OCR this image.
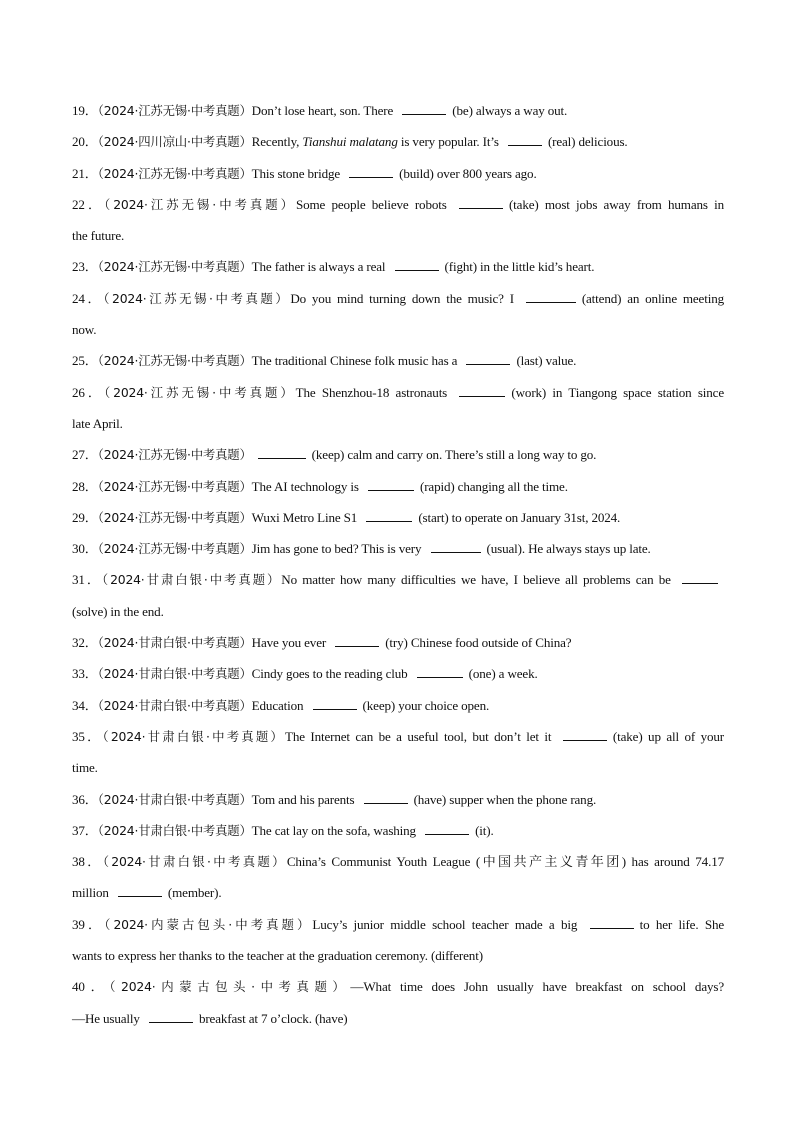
19．（2024·江苏无锡·中考真题）Don’t lose heart, son. There	(be) always a way out.
20．（2024·四川凉山·中考真题）Recently, Tianshui malatang is very popular. It’s	(real) delicious.
21．（2024·江苏无锡·中考真题）This stone bridge	(build) over 800 years ago.
22．（2024·江苏无锡·中考真题）Some people believe robots	(take) most jobs away from humans in
the future.
23．（2024·江苏无锡·中考真题）The father is always a real	(fight) in the little kid’s heart.
24．（2024·江苏无锡·中考真题）Do you mind turning down the music? I	(attend) an online meeting
now.
25．（2024·江苏无锡·中考真题）The traditional Chinese folk music has a	(last) value.
26．（2024·江苏无锡·中考真题）The Shenzhou-18 astronauts	(work) in Tiangong space station since
late April.
27．（2024·江苏无锡·中考真题）	(keep) calm and carry on. There’s still a long way to go.
28．（2024·江苏无锡·中考真题）The AI technology is	(rapid) changing all the time.
29．（2024·江苏无锡·中考真题）Wuxi Metro Line S1	(start) to operate on January 31st, 2024.
30．（2024·江苏无锡·中考真题）Jim has gone to bed? This is very	(usual). He always stays up late.
31．（2024·甘肃白银·中考真题）No matter how many difficulties we have, I believe all problems can be
(solve) in the end.
32．（2024·甘肃白银·中考真题）Have you ever	(try) Chinese food outside of China?
33．（2024·甘肃白银·中考真题）Cindy goes to the reading club	(one) a week.
34．（2024·甘肃白银·中考真题）Education	(keep) your choice open.
35．（2024·甘肃白银·中考真题）The Internet can be a useful tool, but don’t let it	(take) up all of your
time.
36．（2024·甘肃白银·中考真题）Tom and his parents	(have) supper when the phone rang.
37．（2024·甘肃白银·中考真题）The cat lay on the sofa, washing	(it).
38．（2024·甘肃白银·中考真题）China’s Communist Youth League (中国共产主义青年团) has around 74.17
million	(member).
39．（2024·内蒙古包头·中考真题）Lucy’s junior middle school teacher made a big	to her life. She
wants to express her thanks to the teacher at the graduation ceremony. (different)
40．（2024·内蒙古包头·中考真题）—What time does John usually have breakfast on school days?
—He usually	breakfast at 7 o’clock. (have)
